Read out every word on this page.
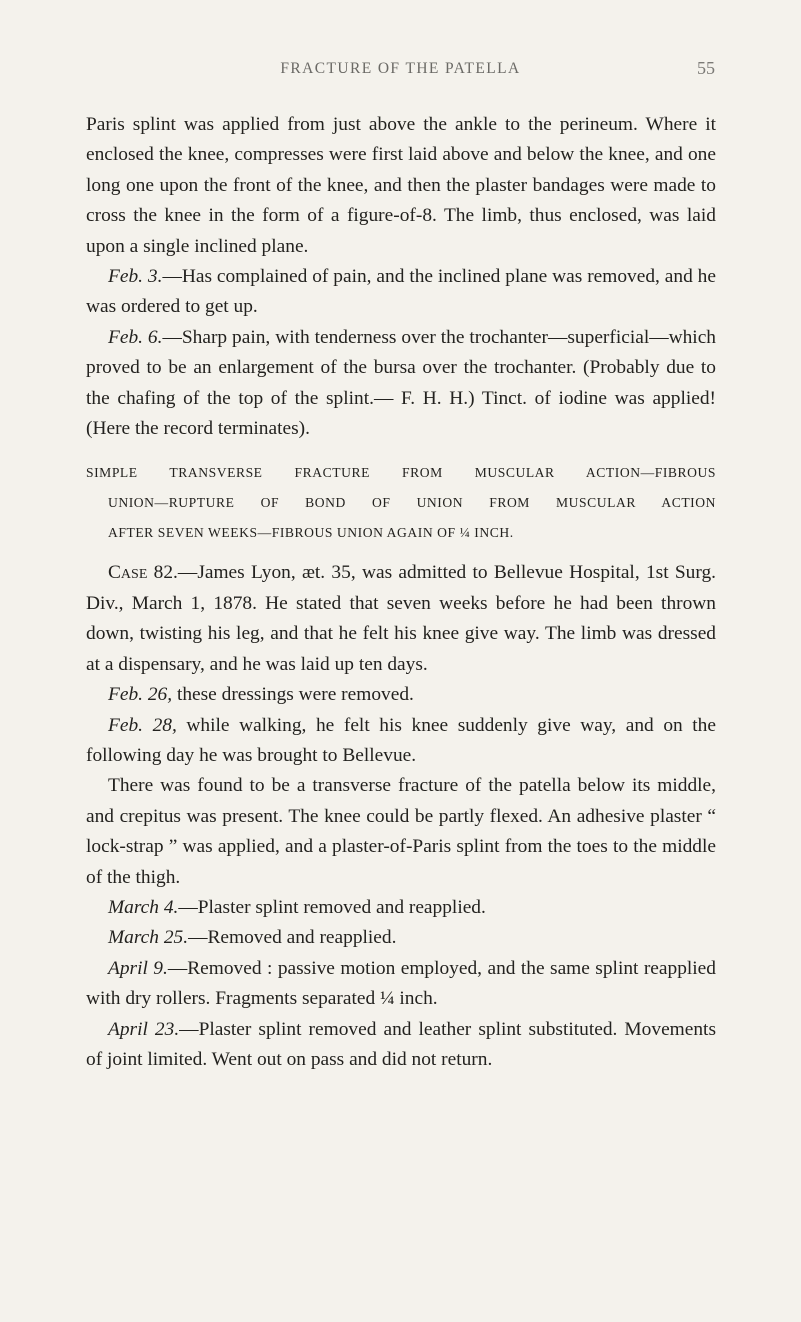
FRACTURE OF THE PATELLA	55

Paris splint was applied from just above the ankle to the perineum. Where it enclosed the knee, compresses were first laid above and below the knee, and one long one upon the front of the knee, and then the plaster bandages were made to cross the knee in the form of a figure-of-8. The limb, thus enclosed, was laid upon a single inclined plane.

Feb. 3.—Has complained of pain, and the inclined plane was removed, and he was ordered to get up.

Feb. 6.—Sharp pain, with tenderness over the trochanter—superficial—which proved to be an enlargement of the bursa over the trochanter. (Probably due to the chafing of the top of the splint.— F. H. H.) Tinct. of iodine was applied! (Here the record terminates).

SIMPLE TRANSVERSE FRACTURE FROM MUSCULAR ACTION—FIBROUS
UNION—RUPTURE OF BOND OF UNION FROM MUSCULAR ACTION
AFTER SEVEN WEEKS—FIBROUS UNION AGAIN OF ¼ INCH.

Case 82.—James Lyon, æt. 35, was admitted to Bellevue Hospital, 1st Surg. Div., March 1, 1878. He stated that seven weeks before he had been thrown down, twisting his leg, and that he felt his knee give way. The limb was dressed at a dispensary, and he was laid up ten days.

Feb. 26, these dressings were removed.

Feb. 28, while walking, he felt his knee suddenly give way, and on the following day he was brought to Bellevue.

There was found to be a transverse fracture of the patella below its middle, and crepitus was present. The knee could be partly flexed. An adhesive plaster “ lock-strap ” was applied, and a plaster-of-Paris splint from the toes to the middle of the thigh.

March 4.—Plaster splint removed and reapplied.

March 25.—Removed and reapplied.

April 9.—Removed : passive motion employed, and the same splint reapplied with dry rollers. Fragments separated ¼ inch.

April 23.—Plaster splint removed and leather splint substituted. Movements of joint limited. Went out on pass and did not return.
